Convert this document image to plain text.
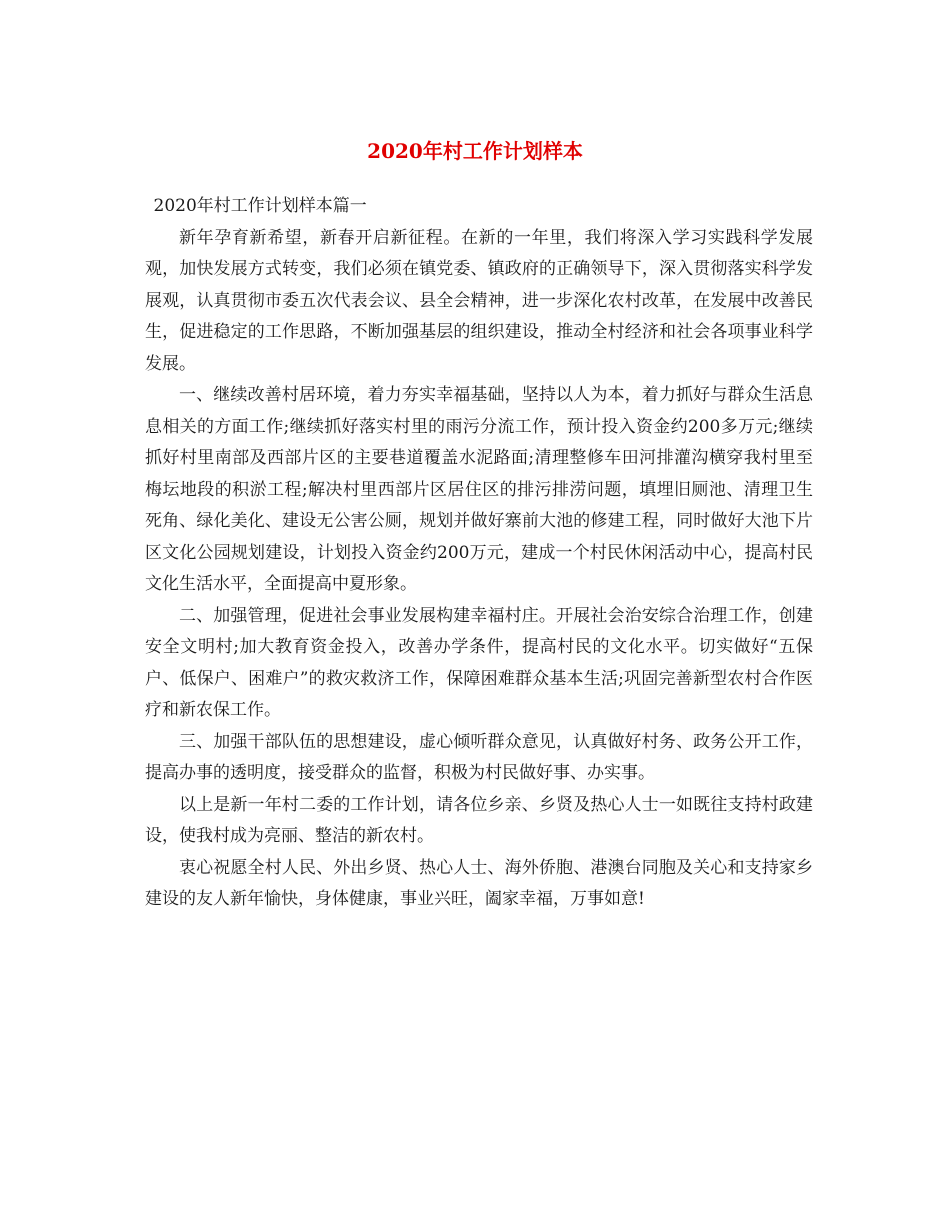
2020年村工作计划样本

2020年村工作计划样本篇一

新年孕育新希望，新春开启新征程。在新的一年里，我们将深入学习实践科学发展观，加快发展方式转变，我们必须在镇党委、镇政府的正确领导下，深入贯彻落实科学发展观，认真贯彻市委五次代表会议、县全会精神，进一步深化农村改革，在发展中改善民生，促进稳定的工作思路，不断加强基层的组织建设，推动全村经济和社会各项事业科学发展。

一、继续改善村居环境，着力夯实幸福基础，坚持以人为本，着力抓好与群众生活息息相关的方面工作;继续抓好落实村里的雨污分流工作，预计投入资金约200多万元;继续抓好村里南部及西部片区的主要巷道覆盖水泥路面;清理整修车田河排灌沟横穿我村里至梅坛地段的积淤工程;解决村里西部片区居住区的排污排涝问题，填埋旧厕池、清理卫生死角、绿化美化、建设无公害公厕，规划并做好寨前大池的修建工程，同时做好大池下片区文化公园规划建设，计划投入资金约200万元，建成一个村民休闲活动中心，提高村民文化生活水平，全面提高中夏形象。

二、加强管理，促进社会事业发展构建幸福村庄。开展社会治安综合治理工作，创建安全文明村;加大教育资金投入，改善办学条件，提高村民的文化水平。切实做好“五保户、低保户、困难户”的救灾救济工作，保障困难群众基本生活;巩固完善新型农村合作医疗和新农保工作。

三、加强干部队伍的思想建设，虚心倾听群众意见，认真做好村务、政务公开工作，提高办事的透明度，接受群众的监督，积极为村民做好事、办实事。

以上是新一年村二委的工作计划，请各位乡亲、乡贤及热心人士一如既往支持村政建设，使我村成为亮丽、整洁的新农村。

衷心祝愿全村人民、外出乡贤、热心人士、海外侨胞、港澳台同胞及关心和支持家乡建设的友人新年愉快，身体健康，事业兴旺，阖家幸福，万事如意!
